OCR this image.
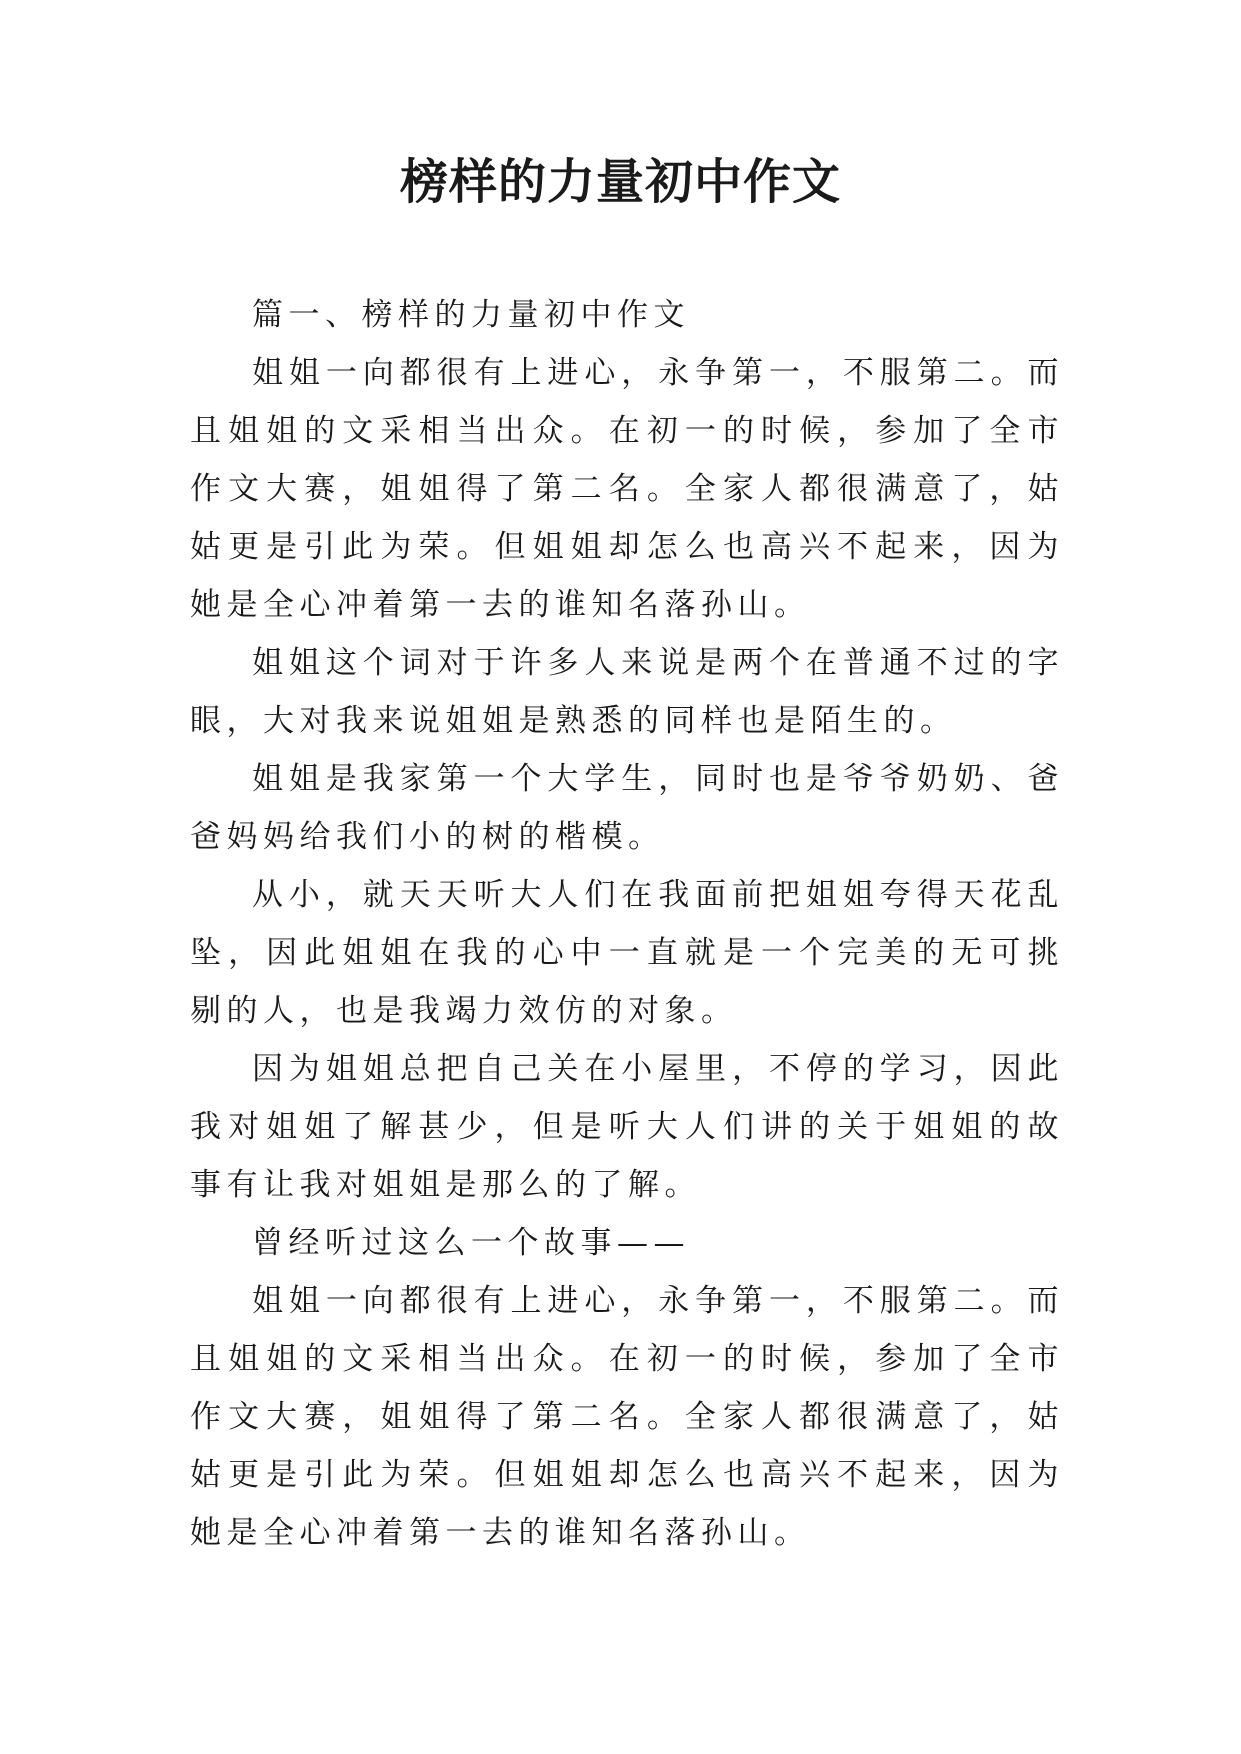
榜样的力量初中作文

篇一、榜样的力量初中作文

姐姐一向都很有上进心，永争第一，不服第二。而且姐姐的文采相当出众。在初一的时候，参加了全市作文大赛，姐姐得了第二名。全家人都很满意了，姑姑更是引此为荣。但姐姐却怎么也高兴不起来，因为她是全心冲着第一去的谁知名落孙山。

姐姐这个词对于许多人来说是两个在普通不过的字眼，大对我来说姐姐是熟悉的同样也是陌生的。

姐姐是我家第一个大学生，同时也是爷爷奶奶、爸爸妈妈给我们小的树的楷模。

从小，就天天听大人们在我面前把姐姐夸得天花乱坠，因此姐姐在我的心中一直就是一个完美的无可挑剔的人，也是我竭力效仿的对象。

因为姐姐总把自己关在小屋里，不停的学习，因此我对姐姐了解甚少，但是听大人们讲的关于姐姐的故事有让我对姐姐是那么的了解。

曾经听过这么一个故事——

姐姐一向都很有上进心，永争第一，不服第二。而且姐姐的文采相当出众。在初一的时候，参加了全市作文大赛，姐姐得了第二名。全家人都很满意了，姑姑更是引此为荣。但姐姐却怎么也高兴不起来，因为她是全心冲着第一去的谁知名落孙山。
